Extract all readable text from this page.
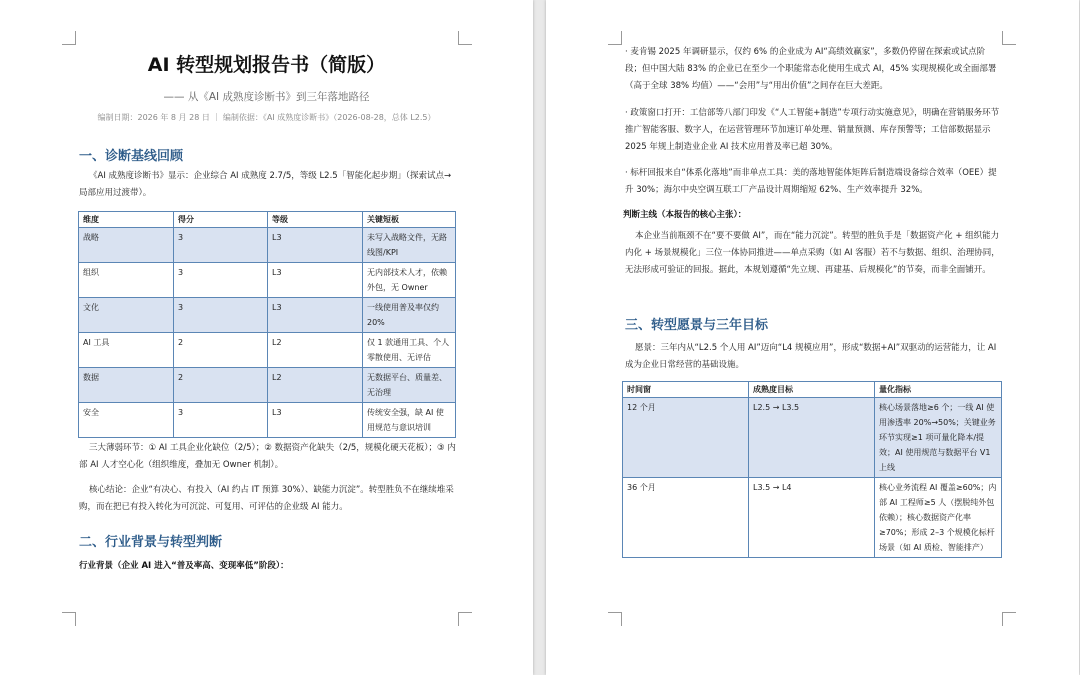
AI 转型规划报告书（简版）
—— 从《AI 成熟度诊断书》到三年落地路径
编制日期：2026 年 8 月 28 日 ｜ 编制依据：《AI 成熟度诊断书》（2026-08-28，总体 L2.5）
一、诊断基线回顾
《AI 成熟度诊断书》显示：企业综合 AI 成熟度 2.7/5，等级 L2.5「智能化起步期」（探索试点→局部应用过渡带）。
维度	得分	等级	关键短板
战略	3	L3	未写入战略文件，无路线图/KPI
组织	3	L3	无内部技术人才，依赖外包，无 Owner
文化	3	L3	一线使用普及率仅约 20%
AI 工具	2	L2	仅 1 款通用工具、个人零散使用、无评估
数据	2	L2	无数据平台、质量差、无治理
安全	3	L3	传统安全强，缺 AI 使用规范与意识培训
三大薄弱环节：① AI 工具企业化缺位（2/5）；② 数据资产化缺失（2/5，规模化硬天花板）；③ 内部 AI 人才空心化（组织维度，叠加无 Owner 机制）。
核心结论：企业“有决心、有投入（AI 约占 IT 预算 30%）、缺能力沉淀”。转型胜负不在继续堆采购，而在把已有投入转化为可沉淀、可复用、可评估的企业级 AI 能力。
二、行业背景与转型判断
行业背景（企业 AI 进入“普及率高、变现率低”阶段）：
· 麦肯锡 2025 年调研显示，仅约 6% 的企业成为 AI“高绩效赢家”，多数仍停留在探索或试点阶段；但中国大陆 83% 的企业已在至少一个职能常态化使用生成式 AI，45% 实现规模化或全面部署（高于全球 38% 均值）——“会用”与“用出价值”之间存在巨大差距。
· 政策窗口打开：工信部等八部门印发《“人工智能+制造”专项行动实施意见》，明确在营销服务环节推广智能客服、数字人，在运营管理环节加速订单处理、销量预测、库存预警等；工信部数据显示 2025 年规上制造业企业 AI 技术应用普及率已超 30%。
· 标杆回报来自“体系化落地”而非单点工具：美的落地智能体矩阵后制造端设备综合效率（OEE）提升 30%；海尔中央空调互联工厂产品设计周期缩短 62%、生产效率提升 32%。
判断主线（本报告的核心主张）：
本企业当前瓶颈不在“要不要做 AI”，而在“能力沉淀”。转型的胜负手是「数据资产化 + 组织能力内化 + 场景规模化」三位一体协同推进——单点采购（如 AI 客服）若不与数据、组织、治理协同，无法形成可验证的回报。据此，本规划遵循“先立规、再建基、后规模化”的节奏，而非全面铺开。
三、转型愿景与三年目标
愿景：三年内从“L2.5 个人用 AI”迈向“L4 规模应用”，形成“数据+AI”双驱动的运营能力，让 AI 成为企业日常经营的基础设施。
时间窗	成熟度目标	量化指标
12 个月	L2.5 → L3.5	核心场景落地≥6 个；一线 AI 使用渗透率 20%→50%；关键业务环节实现≥1 项可量化降本/提效；AI 使用规范与数据平台 V1 上线
36 个月	L3.5 → L4	核心业务流程 AI 覆盖≥60%；内部 AI 工程师≥5 人（摆脱纯外包依赖）；核心数据资产化率≥70%；形成 2–3 个规模化标杆场景（如 AI 质检、智能排产）
